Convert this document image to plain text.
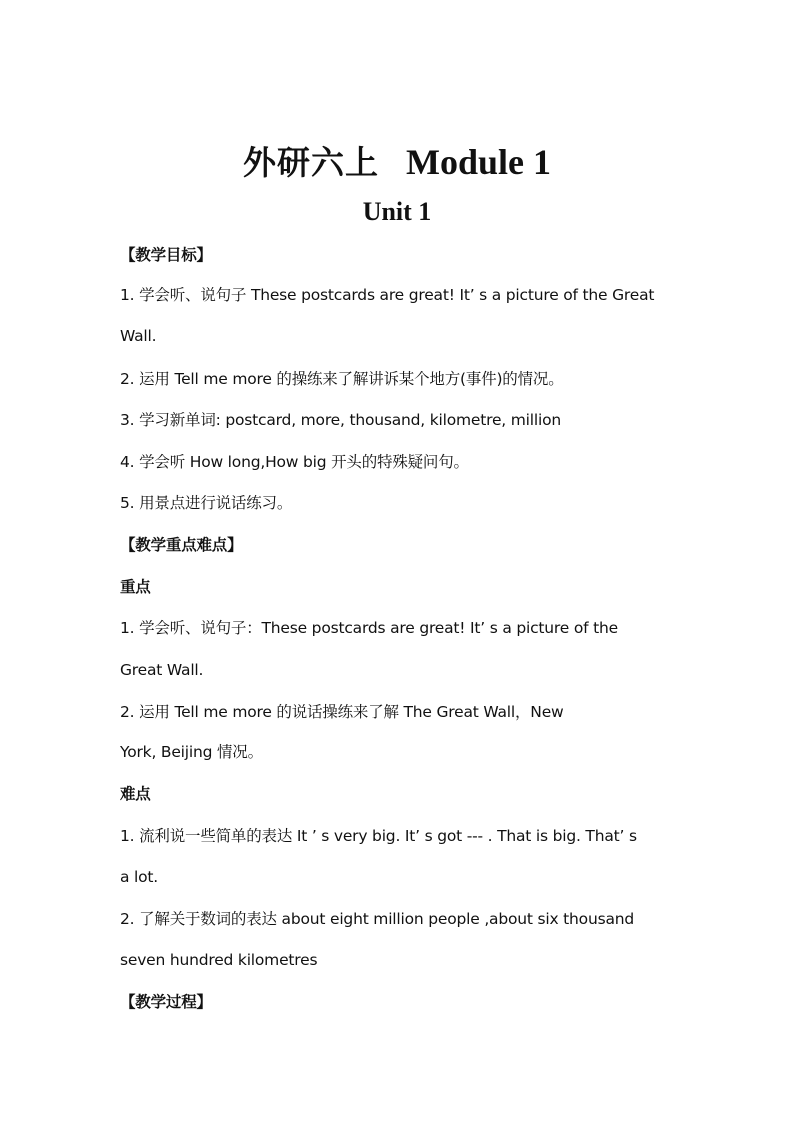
外研六上 Module 1
Unit 1
【教学目标】
1. 学会听、说句子 These postcards are great! It’ s a picture of the Great
Wall.
2. 运用 Tell me more 的操练来了解讲诉某个地方(事件)的情况。
3. 学习新单词: postcard, more, thousand, kilometre, million
4. 学会听 How long,How big 开头的特殊疑问句。
5. 用景点进行说话练习。
【教学重点难点】
重点
1. 学会听、说句子：These postcards are great! It’ s a picture of the
Great Wall.
2. 运用 Tell me more 的说话操练来了解 The Great Wall，New
York, Beijing 情况。
难点
1. 流利说一些简单的表达 It ’ s very big. It’ s got --- . That is big. That’ s
a lot.
2. 了解关于数词的表达 about eight million people ,about six thousand
seven hundred kilometres
【教学过程】
